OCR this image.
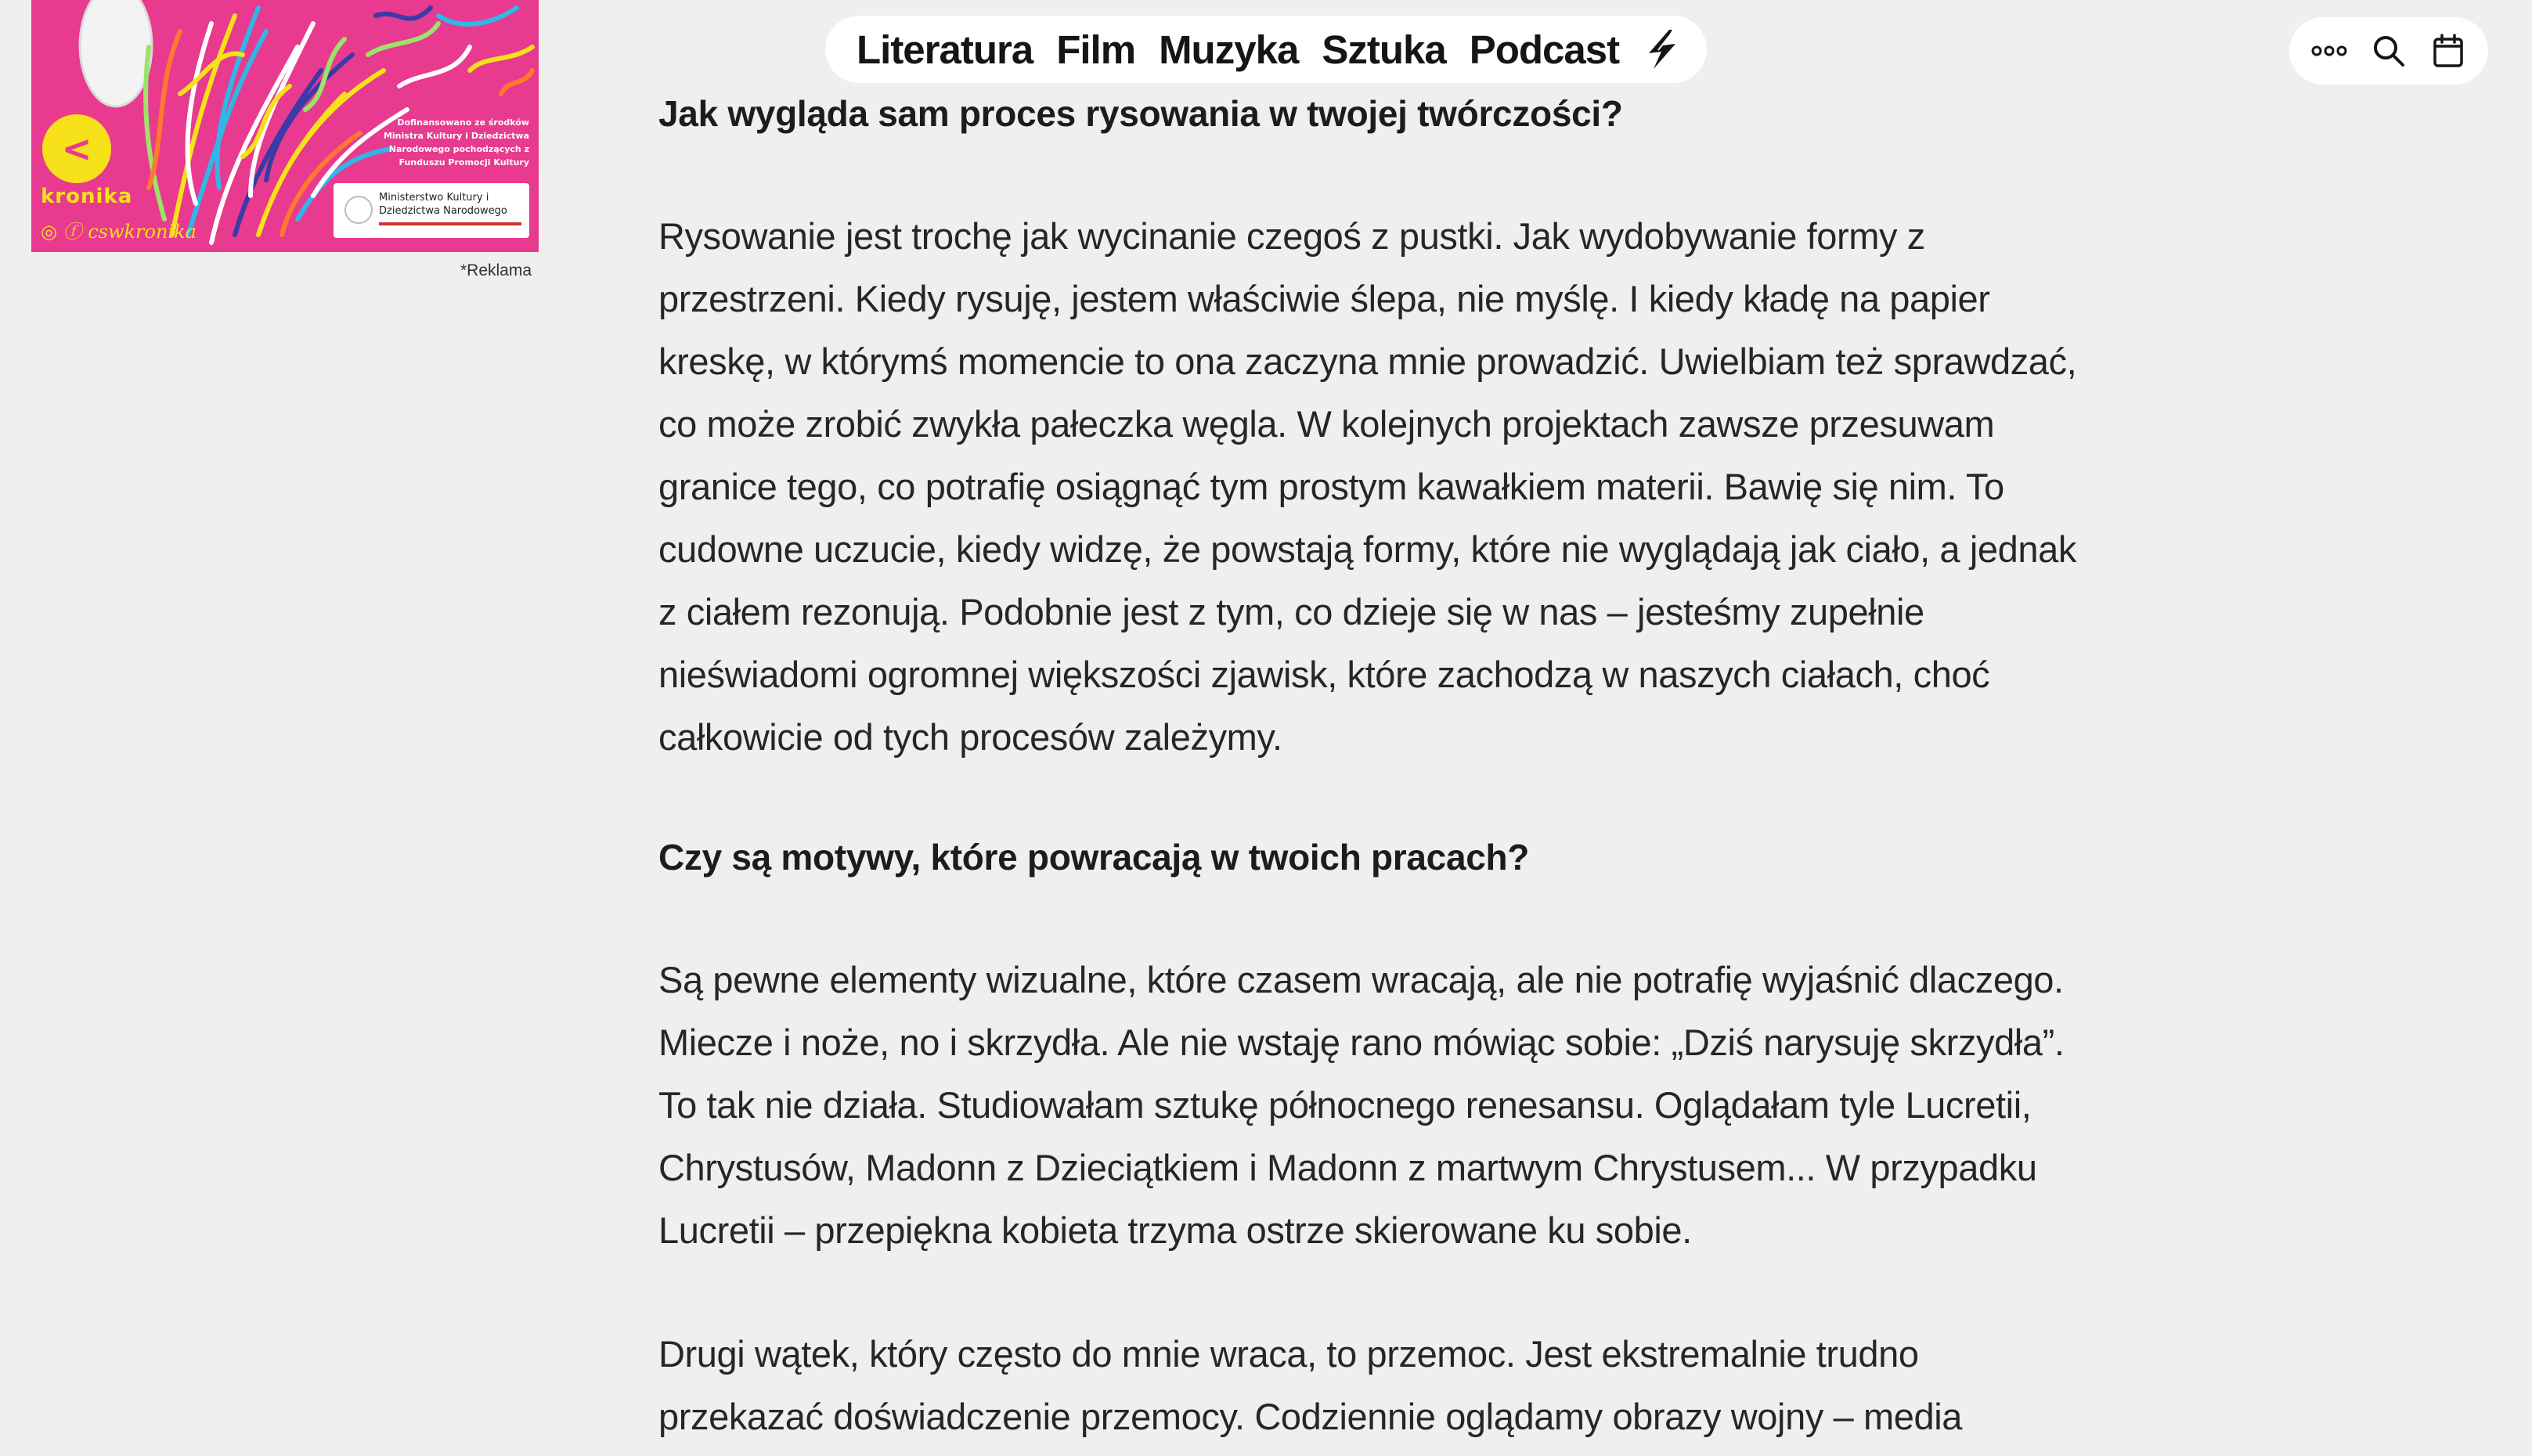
<
kronika
◎ ⓕ cswkronika
Dofinansowano ze środków Ministra Kultury i Dziedzictwa Narodowego pochodzących z Funduszu Promocji Kultury
Ministerstwo Kultury i Dziedzictwa Narodowego
*Reklama
Literatura Film Muzyka Sztuka Podcast
Jak wygląda sam proces rysowania w twojej twórczości?

Rysowanie jest trochę jak wycinanie czegoś z pustki. Jak wydobywanie formy z przestrzeni. Kiedy rysuję, jestem właściwie ślepa, nie myślę. I kiedy kładę na papier kreskę, w którymś momencie to ona zaczyna mnie prowadzić. Uwielbiam też sprawdzać, co może zrobić zwykła pałeczka węgla. W kolejnych projektach zawsze przesuwam granice tego, co potrafię osiągnąć tym prostym kawałkiem materii. Bawię się nim. To cudowne uczucie, kiedy widzę, że powstają formy, które nie wyglądają jak ciało, a jednak z ciałem rezonują. Podobnie jest z tym, co dzieje się w nas – jesteśmy zupełnie nieświadomi ogromnej większości zjawisk, które zachodzą w naszych ciałach, choć całkowicie od tych procesów zależymy.

Czy są motywy, które powracają w twoich pracach?

Są pewne elementy wizualne, które czasem wracają, ale nie potrafię wyjaśnić dlaczego. Miecze i noże, no i skrzydła. Ale nie wstaję rano mówiąc sobie: „Dziś narysuję skrzydła”. To tak nie działa. Studiowałam sztukę północnego renesansu. Oglądałam tyle Lucretii, Chrystusów, Madonn z Dzieciątkiem i Madonn z martwym Chrystusem... W przypadku Lucretii – przepiękna kobieta trzyma ostrze skierowane ku sobie.

Drugi wątek, który często do mnie wraca, to przemoc. Jest ekstremalnie trudno przekazać doświadczenie przemocy. Codziennie oglądamy obrazy wojny – media
